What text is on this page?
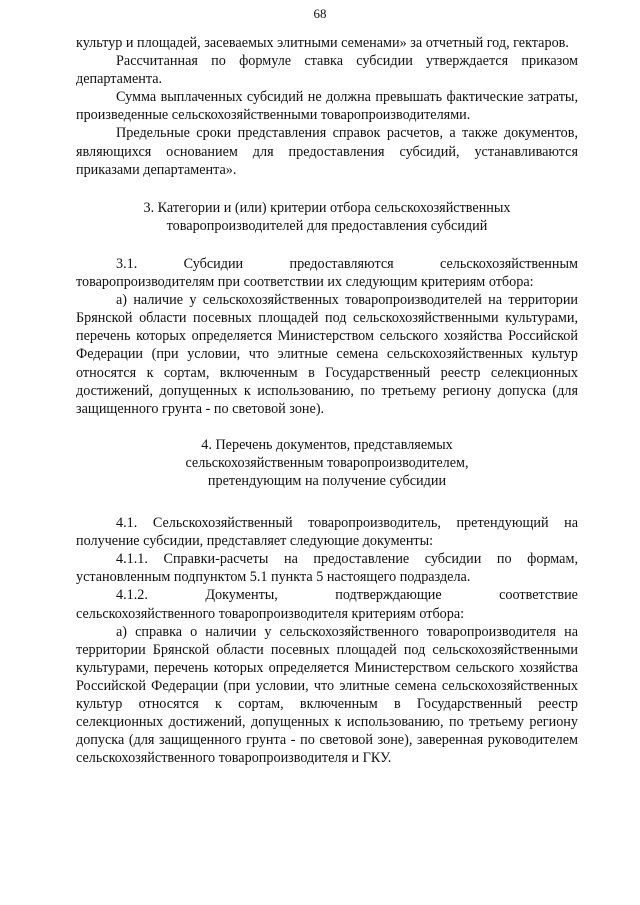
68

культур и площадей, засеваемых элитными семенами» за отчетный год, гектаров.

Рассчитанная по формуле ставка субсидии утверждается приказом департамента.

Сумма выплаченных субсидий не должна превышать фактические затраты, произведенные сельскохозяйственными товаропроизводителями.

Предельные сроки представления справок расчетов, а также документов, являющихся основанием для предоставления субсидий, устанавливаются приказами департамента».

3. Категории и (или) критерии отбора сельскохозяйственных
товаропроизводителей для предоставления субсидий

3.1. Субсидии предоставляются сельскохозяйственным товаропроизводителям при соответствии их следующим критериям отбора:

а) наличие у сельскохозяйственных товаропроизводителей на территории Брянской области посевных площадей под сельскохозяйственными культурами, перечень которых определяется Министерством сельского хозяйства Российской Федерации (при условии, что элитные семена сельскохозяйственных культур относятся к сортам, включенным в Государственный реестр селекционных достижений, допущенных к использованию, по третьему региону допуска (для защищенного грунта - по световой зоне).

4. Перечень документов, представляемых
сельскохозяйственным товаропроизводителем,
претендующим на получение субсидии

4.1. Сельскохозяйственный товаропроизводитель, претендующий на получение субсидии, представляет следующие документы:

4.1.1. Справки-расчеты на предоставление субсидии по формам, установленным подпунктом 5.1 пункта 5 настоящего подраздела.

4.1.2.	Документы,	подтверждающие	соответствие

сельскохозяйственного товаропроизводителя критериям отбора:

а) справка о наличии у сельскохозяйственного товаропроизводителя на территории Брянской области посевных площадей под сельскохозяйственными культурами, перечень которых определяется Министерством сельского хозяйства Российской Федерации (при условии, что элитные семена сельскохозяйственных культур относятся к сортам, включенным в Государственный реестр селекционных достижений, допущенных к использованию, по третьему региону допуска (для защищенного грунта - по световой зоне), заверенная руководителем сельскохозяйственного товаропроизводителя и ГКУ.
